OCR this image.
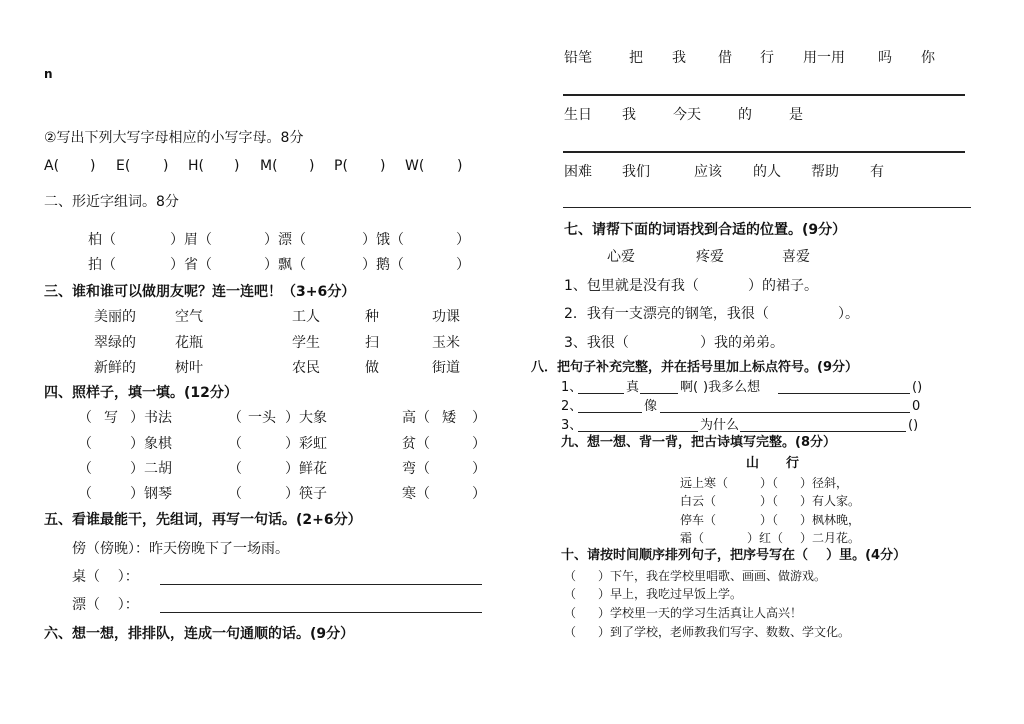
n
②写出下列大写字母相应的小写字母。8分
A( ) E( ) H( ) M( ) P( ) W( )
二、形近字组词。8分
柏（	）眉（	）漂（	）饿（	）
拍（	）省（	）飘（	）鹅（	）
三、谁和谁可以做朋友呢？连一连吧！（3+6分）
美丽的	空气	工人	种	功课
翠绿的	花瓶	学生	扫	玉米
新鲜的	树叶	农民	做	街道
四、照样子，填一填。(12分）
（ 写 ）书法	（ 一头 ）大象	高（ 矮 ）
（	）象棋	（	）彩虹	贫（	）
（	）二胡	（	）鲜花	弯（	）
（	）钢琴	（	）筷子	寒（	）
五、看谁最能干，先组词，再写一句话。(2+6分）
傍（傍晚）：昨天傍晚下了一场雨。
桌（    ）：
漂（    ）：
六、想一想，排排队，连成一句通顺的话。(9分）
铅笔	把 我 借 行 用一用 吗 你
生日 我	今天	的	是
困难 我们	应该 的人 帮助 有
七、请帮下面的词语找到合适的位置。(9分）
心爱	疼爱	喜爱
1、包里就是没有我（	）的裙子。
2．我有一支漂亮的钢笔，我很（	）。
3、我很（	）我的弟弟。
八．把句子补充完整，并在括号里加上标点符号。(9分）
1、	真	啊( )我多么想	()
2、	像	0
3、	为什么	()
九、想一想、背一背，把古诗填写完整。(8分）
山 行
远上寒（	）（ ）径斜，
白云（	）（ ）有人家。
停车（	）（ ）枫林晚，
霜（	）红（ ）二月花。
十、请按时间顺序排列句子，把序号写在（    ）里。(4分）
（ ）下午，我在学校里唱歌、画画、做游戏。
（ ）早上，我吃过早饭上学。
（ ）学校里一天的学习生活真让人高兴！
（ ）到了学校，老师教我们写字、数数、学文化。
